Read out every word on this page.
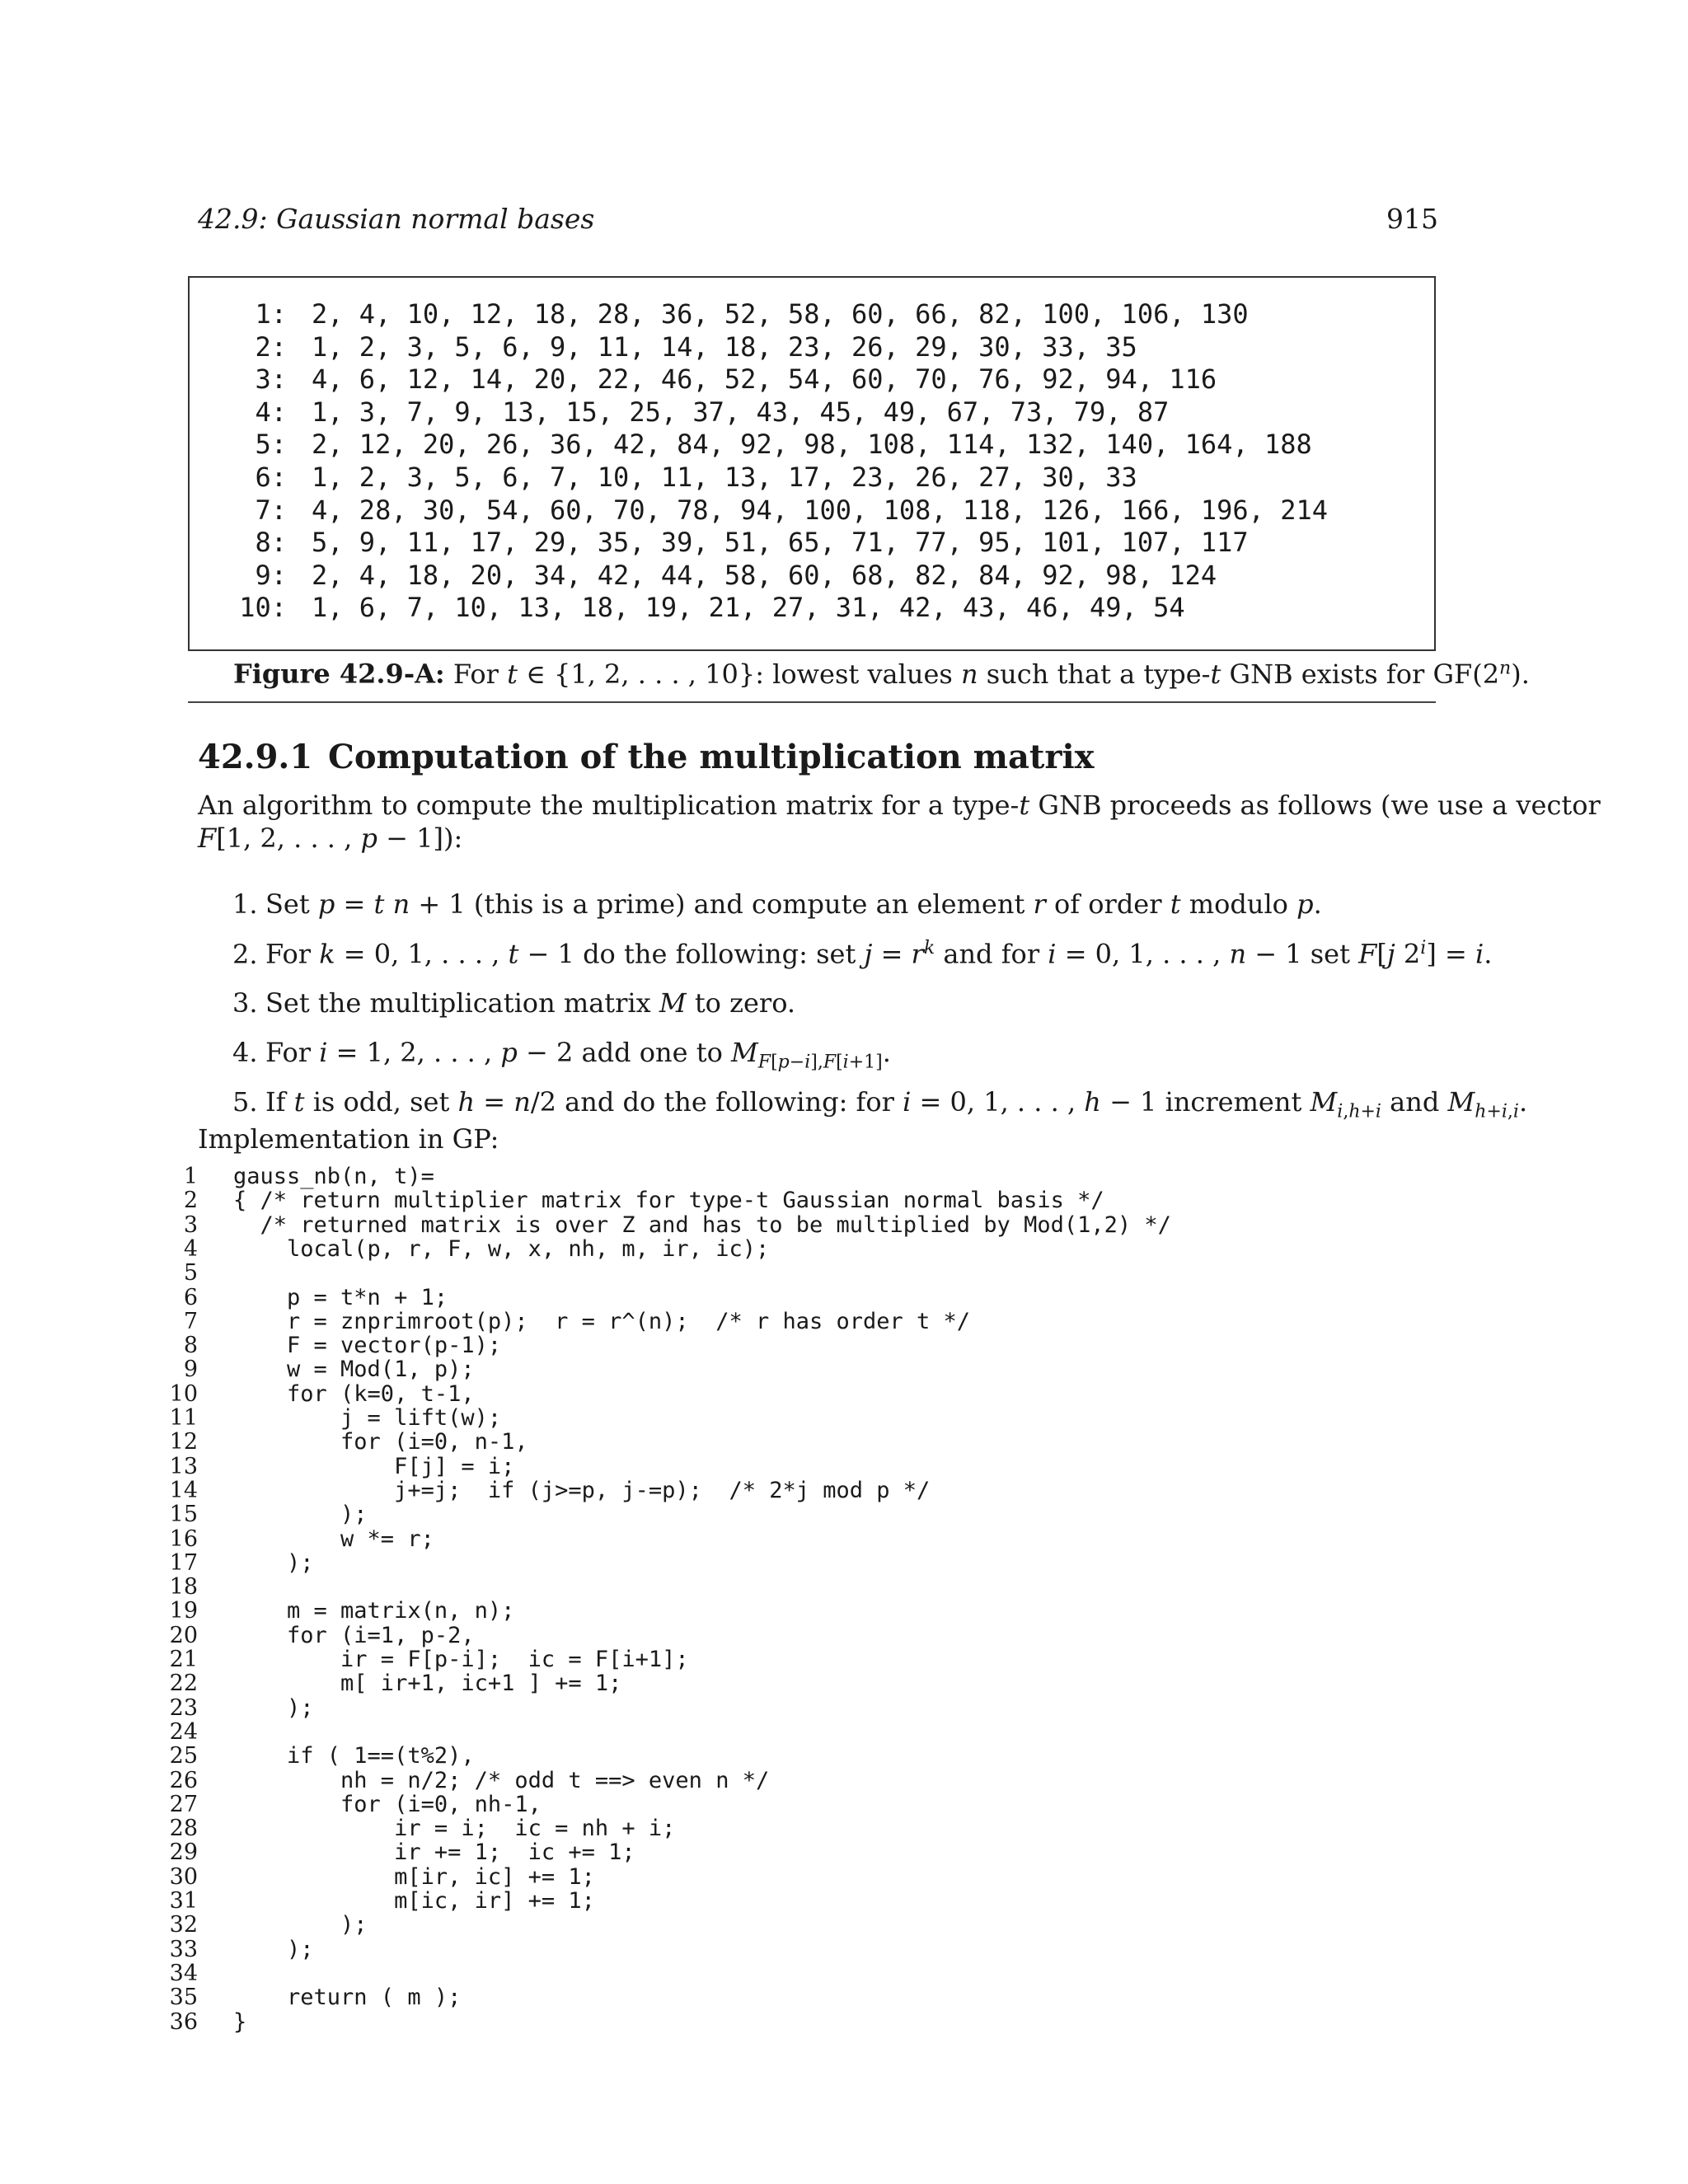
42.9: Gaussian normal bases	915
1: 2, 4, 10, 12, 18, 28, 36, 52, 58, 60, 66, 82, 100, 106, 130
2: 1, 2, 3, 5, 6, 9, 11, 14, 18, 23, 26, 29, 30, 33, 35
3: 4, 6, 12, 14, 20, 22, 46, 52, 54, 60, 70, 76, 92, 94, 116
4: 1, 3, 7, 9, 13, 15, 25, 37, 43, 45, 49, 67, 73, 79, 87
5: 2, 12, 20, 26, 36, 42, 84, 92, 98, 108, 114, 132, 140, 164, 188
6: 1, 2, 3, 5, 6, 7, 10, 11, 13, 17, 23, 26, 27, 30, 33
7: 4, 28, 30, 54, 60, 70, 78, 94, 100, 108, 118, 126, 166, 196, 214
8: 5, 9, 11, 17, 29, 35, 39, 51, 65, 71, 77, 95, 101, 107, 117
9: 2, 4, 18, 20, 34, 42, 44, 58, 60, 68, 82, 84, 92, 98, 124
10: 1, 6, 7, 10, 13, 18, 19, 21, 27, 31, 42, 43, 46, 49, 54
Figure 42.9-A: For t ∈ {1, 2, . . . , 10}: lowest values n such that a type-t GNB exists for GF(2$^n$).
42.9.1 Computation of the multiplication matrix
An algorithm to compute the multiplication matrix for a type-t GNB proceeds as follows (we use a vector
F[1, 2, . . . , p − 1]):
1. Set p = t n + 1 (this is a prime) and compute an element r of order t modulo p.
2. For k = 0, 1, . . . , t − 1 do the following: set $j = r^k$ and for i = 0, 1, . . . , n − 1 set F[j $2^i] = i$.
3. Set the multiplication matrix M to zero.
4. For i = 1, 2, . . . , p − 2 add one to $M_{F[p-i],F[i+1]}$.
5. If t is odd, set h = n/2 and do the following: for i = 0, 1, . . . , h − 1 increment $M_{i,h+i}$ and $M_{h+i,i}$.
Implementation in GP:
1 gauss_nb(n, t)=
2 { /* return multiplier matrix for type-t Gaussian normal basis */
3 /* returned matrix is over Z and has to be multiplied by Mod(1,2) */
4 local(p, r, F, w, x, nh, m, ir, ic);
5
6 p = t*n + 1;
7 r = znprimroot(p);  r = r^(n);  /* r has order t */
8 F = vector(p-1);
9 w = Mod(1, p);
10 for (k=0, t-1,
11 j = lift(w);
12 for (i=0, n-1,
13 F[j] = i;
14 j+=j;  if (j>=p, j-=p);  /* 2*j mod p */
15 );
16 w *= r;
17 );
18
19 m = matrix(n, n);
20 for (i=1, p-2,
21 ir = F[p-i];  ic = F[i+1];
22 m[ ir+1, ic+1 ] += 1;
23 );
24
25 if ( 1==(t%2),
26 nh = n/2; /* odd t ==> even n */
27 for (i=0, nh-1,
28 ir = i;  ic = nh + i;
29 ir += 1;  ic += 1;
30 m[ir, ic] += 1;
31 m[ic, ir] += 1;
32 );
33 );
34
35 return ( m );
36 }
